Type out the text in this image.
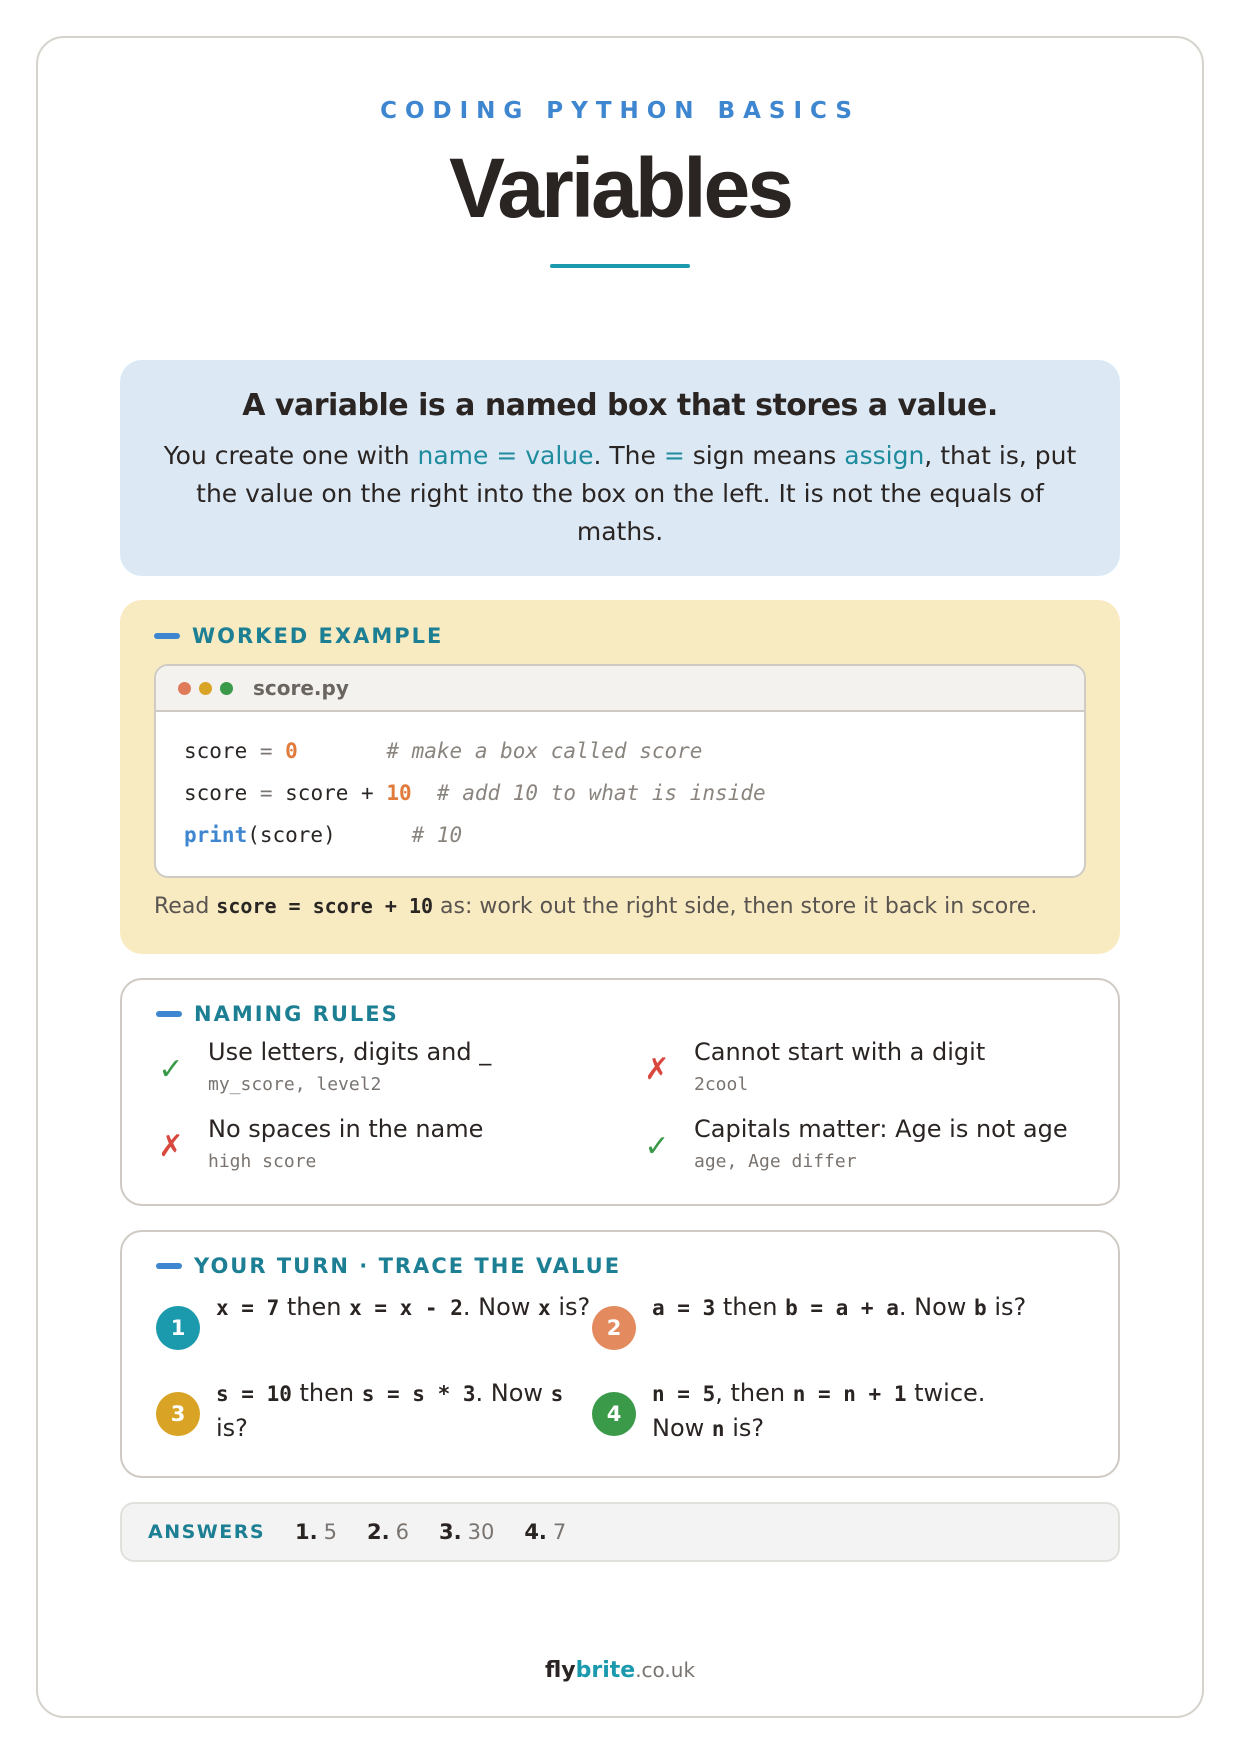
CODING PYTHON BASICS
Variables
A variable is a named box that stores a value.

You create one with name = value. The = sign means assign, that is, put the value on the right into the box on the left. It is not the equals of maths.

WORKED EXAMPLE
score.py
score = 0	# make a box called score
score = score + 10 # add 10 to what is inside
print(score)	# 10
Read score = score + 10 as: work out the right side, then store it back in score.
NAMING RULES
✓ Use letters, digits and _
my_score, level2	✗ Cannot start with a digit
2cool
✗ No spaces in the name
high score	✓ Capitals matter: Age is not age
age, Age differ
YOUR TURN · TRACE THE VALUE
1
x = 7 then x = x - 2. Now x is?
2
a = 3 then b = a + a. Now b is?
3
s = 10 then s = s * 3. Now s is?	4
n = 5, then n = n + 1 twice. Now n is?
ANSWERS 1. 5 2. 6 3. 30 4. 7
flybrite.co.uk
